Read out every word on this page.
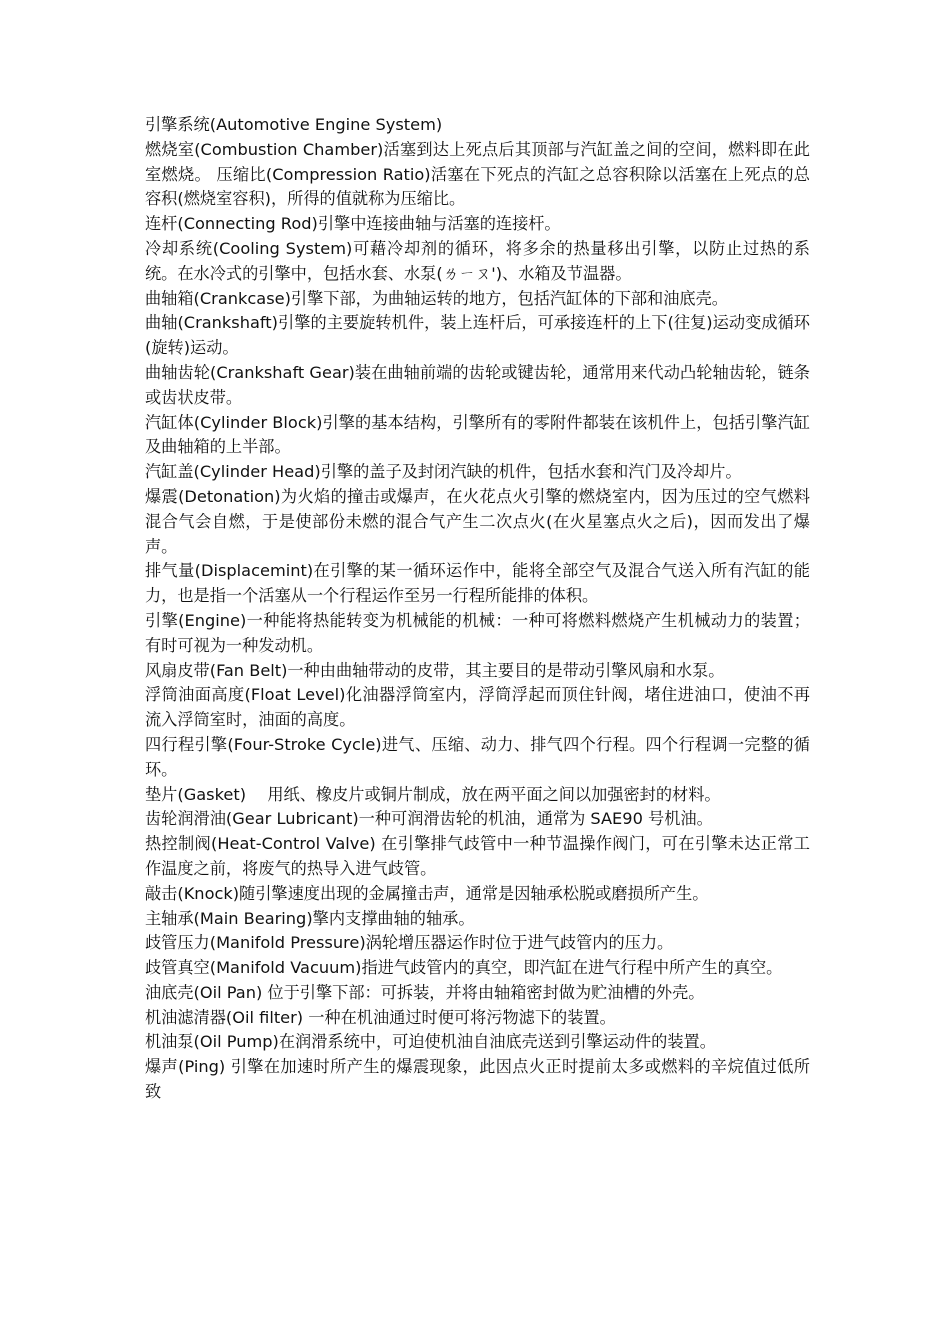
引擎系统(Automotive Engine System)

燃烧室(Combustion Chamber)活塞到达上死点后其顶部与汽缸盖之间的空间，燃料即在此室燃烧。 压缩比(Compression Ratio)活塞在下死点的汽缸之总容积除以活塞在上死点的总容积(燃烧室容积)，所得的值就称为压缩比。

连杆(Connecting Rod)引擎中连接曲轴与活塞的连接杆。

冷却系统(Cooling System)可藉冷却剂的循环，将多余的热量移出引擎，以防止过热的系统。在水冷式的引擎中，包括水套、水泵(ㄌㄧㄡ')、水箱及节温器。

曲轴箱(Crankcase)引擎下部，为曲轴运转的地方，包括汽缸体的下部和油底壳。

曲轴(Crankshaft)引擎的主要旋转机件，装上连杆后，可承接连杆的上下(往复)运动变成循环(旋转)运动。

曲轴齿轮(Crankshaft Gear)装在曲轴前端的齿轮或键齿轮，通常用来代动凸轮轴齿轮，链条或齿状皮带。

汽缸体(Cylinder Block)引擎的基本结构，引擎所有的零附件都装在该机件上，包括引擎汽缸及曲轴箱的上半部。

汽缸盖(Cylinder Head)引擎的盖子及封闭汽缺的机件，包括水套和汽门及冷却片。

爆震(Detonation)为火焰的撞击或爆声，在火花点火引擎的燃烧室内，因为压过的空气燃料混合气会自燃，于是使部份未燃的混合气产生二次点火(在火星塞点火之后)，因而发出了爆声。

排气量(Displacemint)在引擎的某一循环运作中，能将全部空气及混合气送入所有汽缸的能力，也是指一个活塞从一个行程运作至另一行程所能排的体积。

引擎(Engine)一种能将热能转变为机械能的机械：一种可将燃料燃烧产生机械动力的装置；有时可视为一种发动机。

风扇皮带(Fan Belt)一种由曲轴带动的皮带，其主要目的是带动引擎风扇和水泵。

浮筒油面高度(Float Level)化油器浮筒室内，浮筒浮起而顶住针阀，堵住进油口，使油不再流入浮筒室时，油面的高度。

四行程引擎(Four-Stroke Cycle)进气、压缩、动力、排气四个行程。四个行程调一完整的循环。

垫片(Gasket)　 用纸、橡皮片或铜片制成，放在两平面之间以加强密封的材料。

齿轮润滑油(Gear Lubricant)一种可润滑齿轮的机油，通常为 SAE90 号机油。

热控制阀(Heat-Control Valve) 在引擎排气歧管中一种节温操作阀门，可在引擎未达正常工作温度之前，将废气的热导入进气歧管。

敲击(Knock)随引擎速度出现的金属撞击声，通常是因轴承松脱或磨损所产生。

主轴承(Main Bearing)擎内支撑曲轴的轴承。

歧管压力(Manifold Pressure)涡轮增压器运作时位于进气歧管内的压力。

歧管真空(Manifold Vacuum)指进气歧管内的真空，即汽缸在进气行程中所产生的真空。

油底壳(Oil Pan) 位于引擎下部：可拆装，并将由轴箱密封做为贮油槽的外壳。

机油滤清器(Oil filter) 一种在机油通过时便可将污物滤下的装置。

机油泵(Oil Pump)在润滑系统中，可迫使机油自油底壳送到引擎运动件的装置。

爆声(Ping) 引擎在加速时所产生的爆震现象，此因点火正时提前太多或燃料的辛烷值过低所致
